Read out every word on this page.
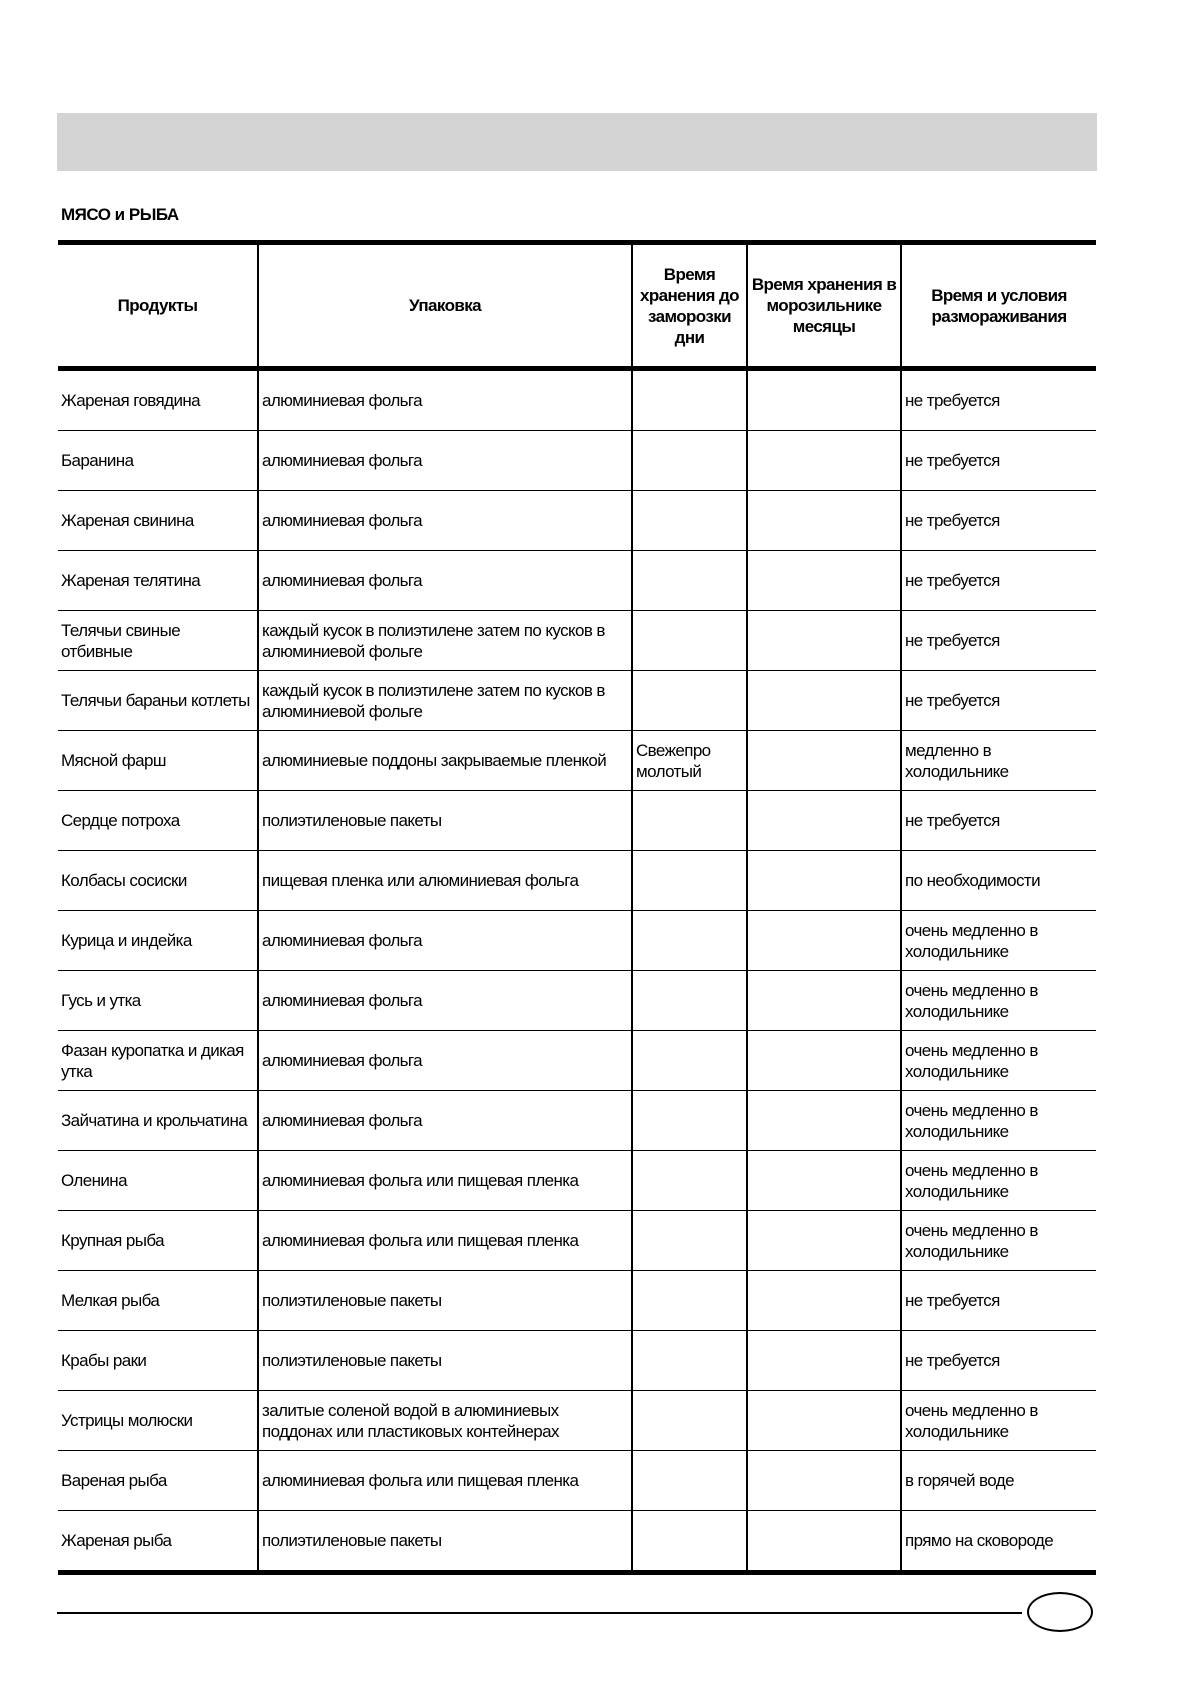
МЯСО и РЫБА
Продукты	Упаковка	Время хранения до заморозки дни	Время хранения в морозильнике месяцы	Время и условия размораживания
Жареная говядина	алюминиевая фольга			не требуется
Баранина	алюминиевая фольга			не требуется
Жареная свинина	алюминиевая фольга			не требуется
Жареная телятина	алюминиевая фольга			не требуется
Телячьи свиные отбивные	каждый кусок в полиэтилене затем по кусков в алюминиевой фольге			не требуется
Телячьи бараньи котлеты	каждый кусок в полиэтилене затем по кусков в алюминиевой фольге			не требуется
Мясной фарш	алюминиевые поддоны закрываемые пленкой	Свежепро молотый		медленно в холодильнике
Сердце потроха	полиэтиленовые пакеты			не требуется
Колбасы сосиски	пищевая пленка или алюминиевая фольга			по необходимости
Курица и индейка	алюминиевая фольга			очень медленно в холодильнике
Гусь и утка	алюминиевая фольга			очень медленно в холодильнике
Фазан куропатка и дикая утка	алюминиевая фольга			очень медленно в холодильнике
Зайчатина и крольчатина	алюминиевая фольга			очень медленно в холодильнике
Оленина	алюминиевая фольга или пищевая пленка			очень медленно в холодильнике
Крупная рыба	алюминиевая фольга или пищевая пленка			очень медленно в холодильнике
Мелкая рыба	полиэтиленовые пакеты			не требуется
Крабы раки	полиэтиленовые пакеты			не требуется
Устрицы молюски	залитые соленой водой в алюминиевых поддонах или пластиковых контейнерах			очень медленно в холодильнике
Вареная рыба	алюминиевая фольга или пищевая пленка			в горячей воде
Жареная рыба	полиэтиленовые пакеты			прямо на сковороде
